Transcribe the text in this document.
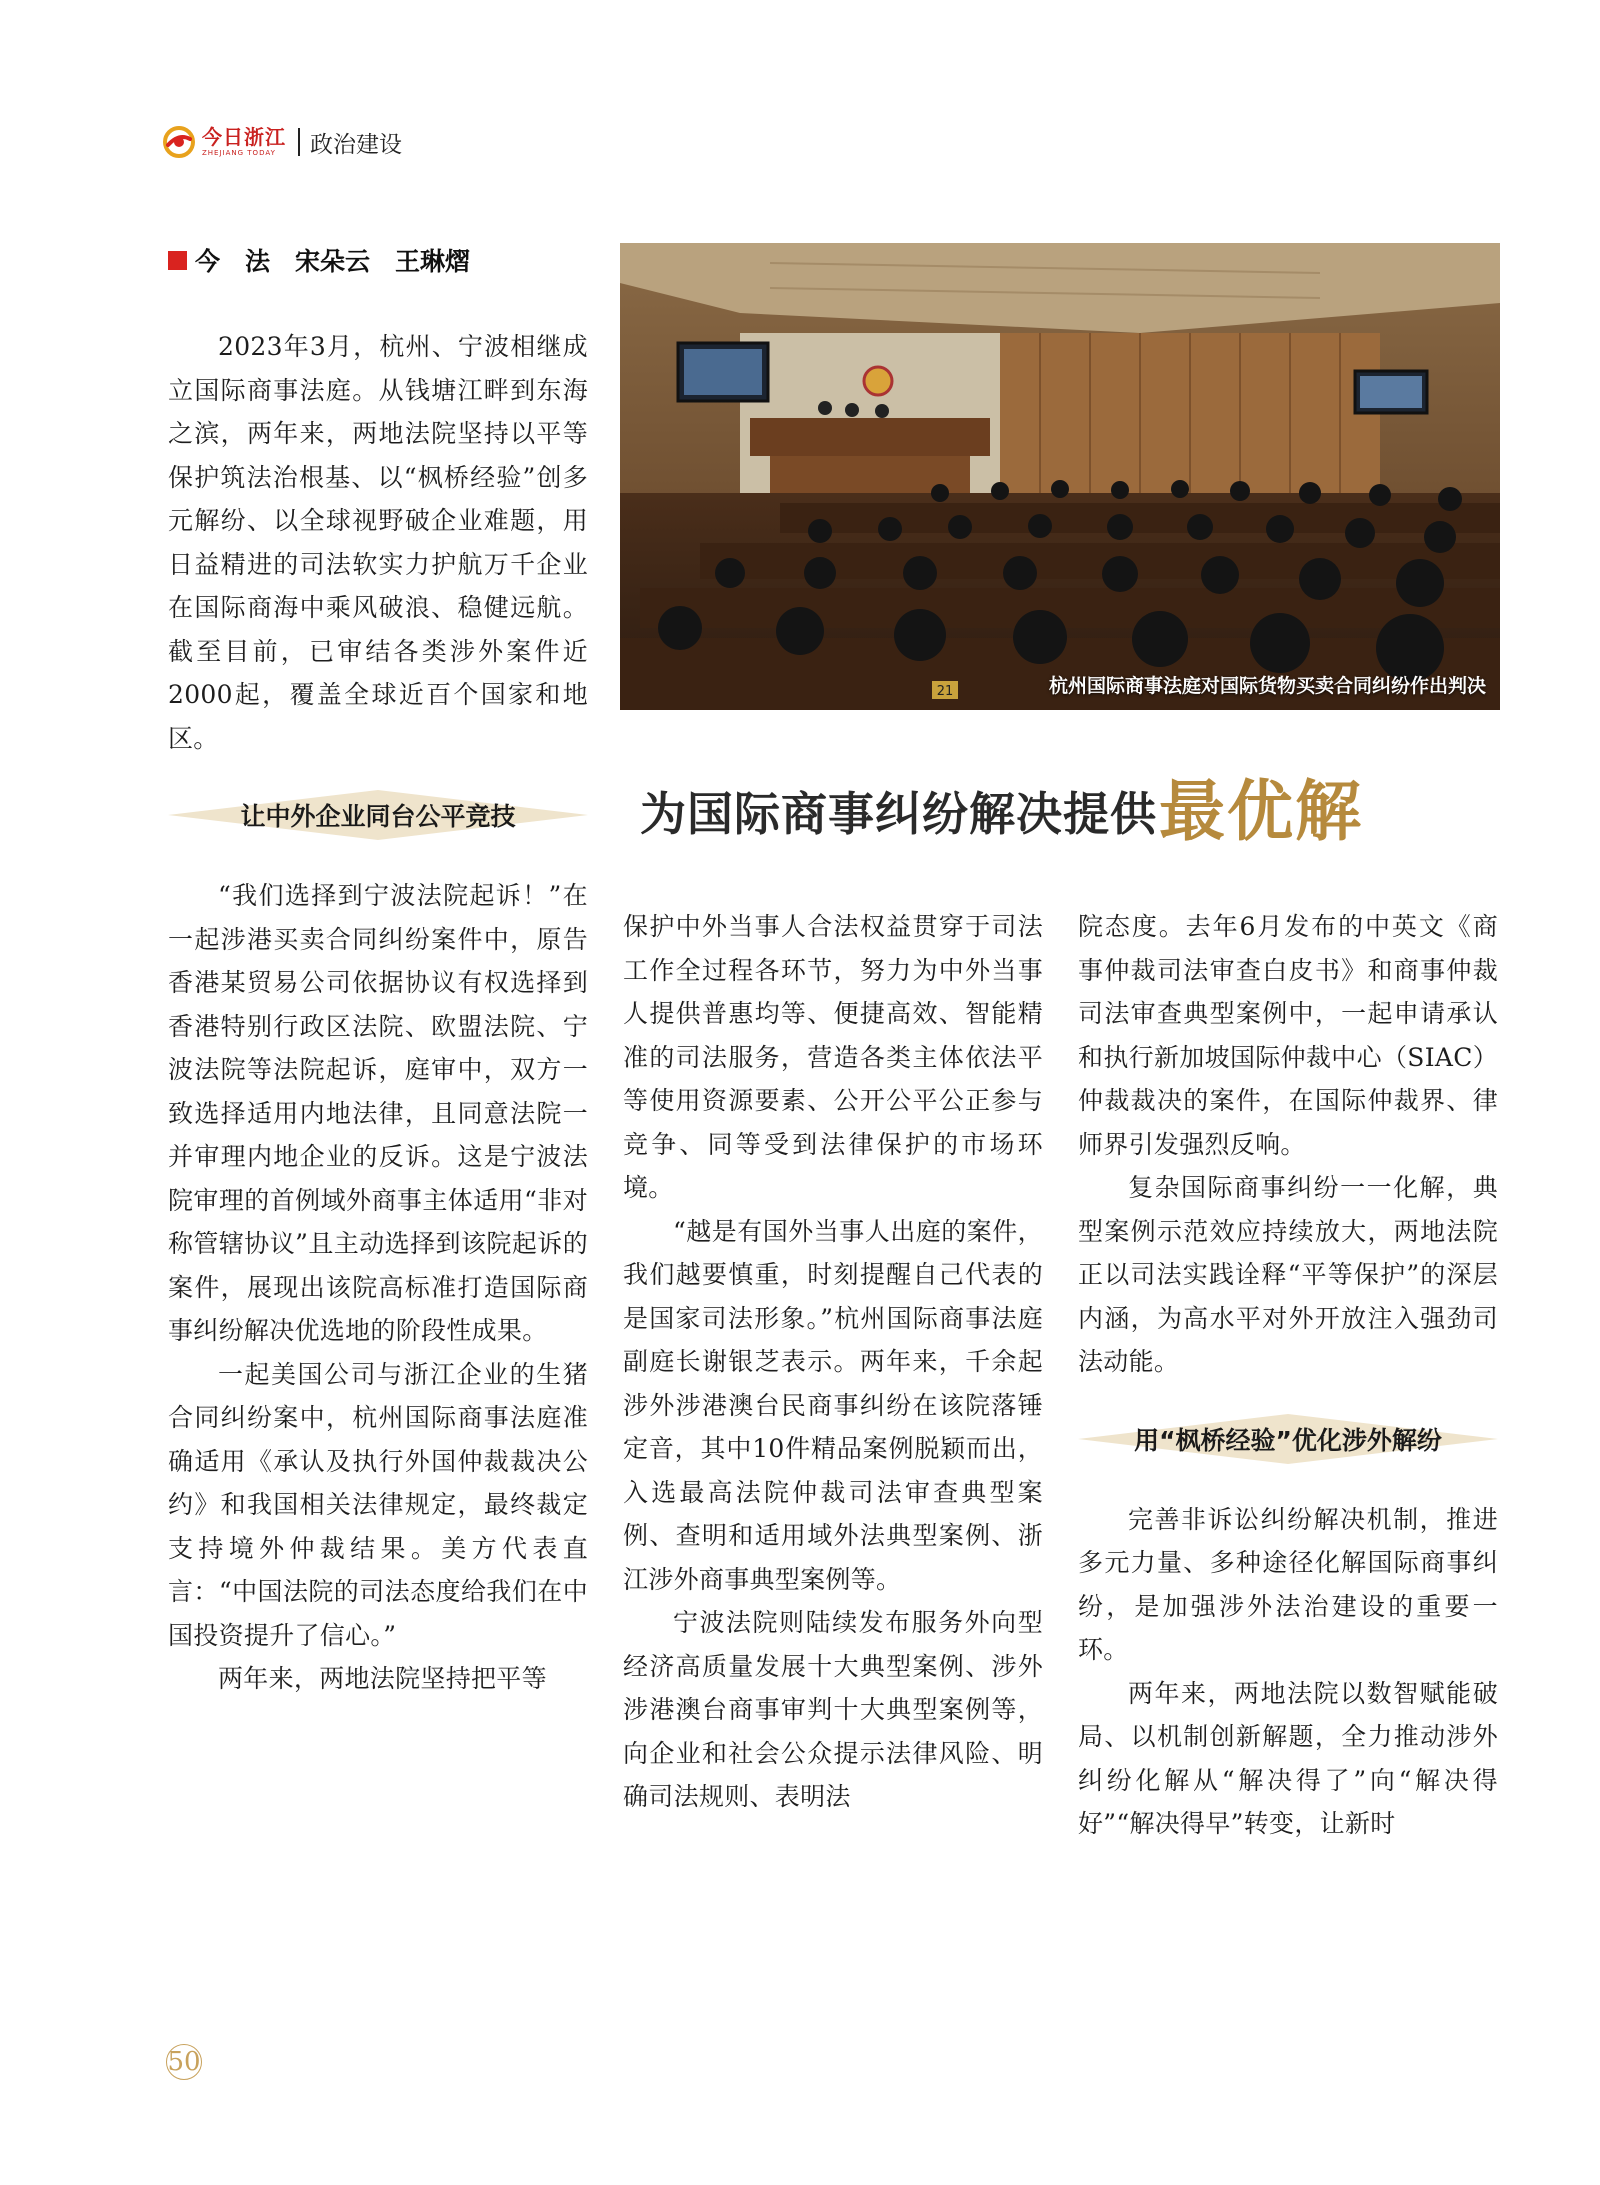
今日浙江
ZHEJIANG TODAY	政治建设
今　法　宋朵云　王琳熠
21	杭州国际商事法庭对国际货物买卖合同纠纷作出判决
为国际商事纠纷解决提供 最优解

2023年3月，杭州、宁波相继成立国际商事法庭。从钱塘江畔到东海之滨，两年来，两地法院坚持以平等保护筑法治根基、以“枫桥经验”创多元解纷、以全球视野破企业难题，用日益精进的司法软实力护航万千企业在国际商海中乘风破浪、稳健远航。截至目前，已审结各类涉外案件近2000起，覆盖全球近百个国家和地区。

让中外企业同台公平竞技

“我们选择到宁波法院起诉！”在一起涉港买卖合同纠纷案件中，原告香港某贸易公司依据协议有权选择到香港特别行政区法院、欧盟法院、宁波法院等法院起诉，庭审中，双方一致选择适用内地法律，且同意法院一并审理内地企业的反诉。这是宁波法院审理的首例域外商事主体适用“非对称管辖协议”且主动选择到该院起诉的案件，展现出该院高标准打造国际商事纠纷解决优选地的阶段性成果。

一起美国公司与浙江企业的生猪合同纠纷案中，杭州国际商事法庭准确适用《承认及执行外国仲裁裁决公约》和我国相关法律规定，最终裁定支持境外仲裁结果。美方代表直言：“中国法院的司法态度给我们在中国投资提升了信心。”

两年来，两地法院坚持把平等

保护中外当事人合法权益贯穿于司法工作全过程各环节，努力为中外当事人提供普惠均等、便捷高效、智能精准的司法服务，营造各类主体依法平等使用资源要素、公开公平公正参与竞争、同等受到法律保护的市场环境。

“越是有国外当事人出庭的案件，我们越要慎重，时刻提醒自己代表的是国家司法形象。”杭州国际商事法庭副庭长谢银芝表示。两年来，千余起涉外涉港澳台民商事纠纷在该院落锤定音，其中10件精品案例脱颖而出，入选最高法院仲裁司法审查典型案例、查明和适用域外法典型案例、浙江涉外商事典型案例等。

宁波法院则陆续发布服务外向型经济高质量发展十大典型案例、涉外涉港澳台商事审判十大典型案例等，向企业和社会公众提示法律风险、明确司法规则、表明法

院态度。去年6月发布的中英文《商事仲裁司法审查白皮书》和商事仲裁司法审查典型案例中，一起申请承认和执行新加坡国际仲裁中心（SIAC）仲裁裁决的案件，在国际仲裁界、律师界引发强烈反响。

复杂国际商事纠纷一一化解，典型案例示范效应持续放大，两地法院正以司法实践诠释“平等保护”的深层内涵，为高水平对外开放注入强劲司法动能。

用“枫桥经验”优化涉外解纷

完善非诉讼纠纷解决机制，推进多元力量、多种途径化解国际商事纠纷，是加强涉外法治建设的重要一环。

两年来，两地法院以数智赋能破局、以机制创新解题，全力推动涉外纠纷化解从“解决得了”向“解决得好”“解决得早”转变，让新时

50
